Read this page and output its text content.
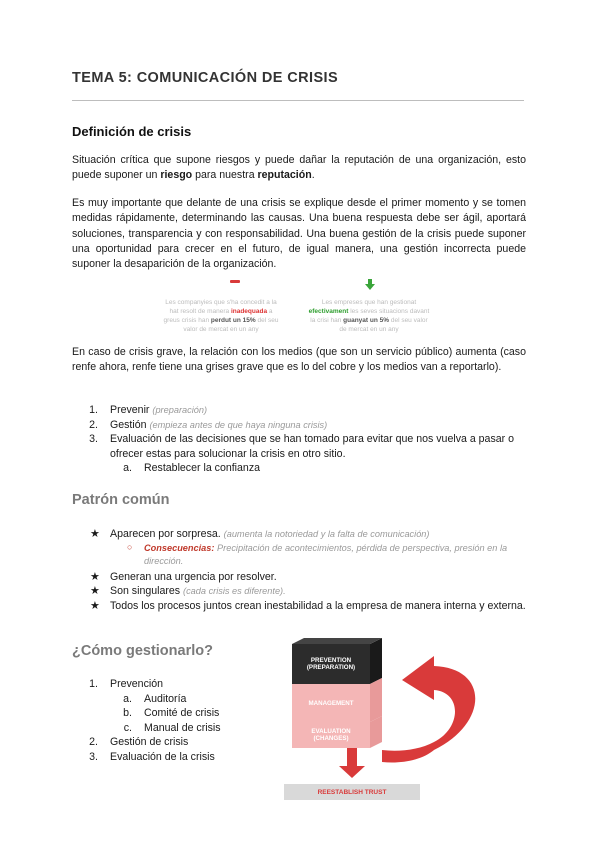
TEMA 5: COMUNICACIÓN DE CRISIS
Definición de crisis

Situación crítica que supone riesgos y puede dañar la reputación de una organización, esto puede suponer un riesgo para nuestra reputación.

Es muy importante que delante de una crisis se explique desde el primer momento y se tomen medidas rápidamente, determinando las causas. Una buena respuesta debe ser ágil, aportará soluciones, transparencia y con responsabilidad. Una buena gestión de la crisis puede suponer una oportunidad para crecer en el futuro, de igual manera, una gestión incorrecta puede suponer la desaparición de la organización.

Les companyies que s'ha concedit a la
hat resolt de manera inadequada a
greus crisis han perdut un 15% del seu
valor de mercat en un any
Les empreses que han gestionat
efectivament les seves situacions davant
la crisi han guanyat un 5% del seu valor
de mercat en un any

En caso de crisis grave, la relación con los medios (que son un servicio público) aumenta (caso renfe ahora, renfe tiene una grises grave que es lo del cobre y los medios van a reportarlo).

1. Prevenir (preparación)
2. Gestión (empieza antes de que haya ninguna crisis)
3. Evaluación de las decisiones que se han tomado para evitar que nos vuelva a pasar o ofrecer estas para solucionar la crisis en otro sitio.
a. Restablecer la confianza
Patrón común
★ Aparecen por sorpresa. (aumenta la notoriedad y la falta de comunicación)
○ Consecuencias: Precipitación de acontecimientos, pérdida de perspectiva, presión en la dirección.
★ Generan una urgencia por resolver.
★ Son singulares (cada crisis es diferente).
★ Todos los procesos juntos crean inestabilidad a la empresa de manera interna y externa.
¿Cómo gestionarlo?
1. Prevención
a. Auditoría
b. Comité de crisis
c. Manual de crisis
2. Gestión de crisis
3. Evaluación de la crisis
PREVENTION
(PREPARATION)
MANAGEMENT
EVALUATION
(CHANGES)
REESTABLISH TRUST
